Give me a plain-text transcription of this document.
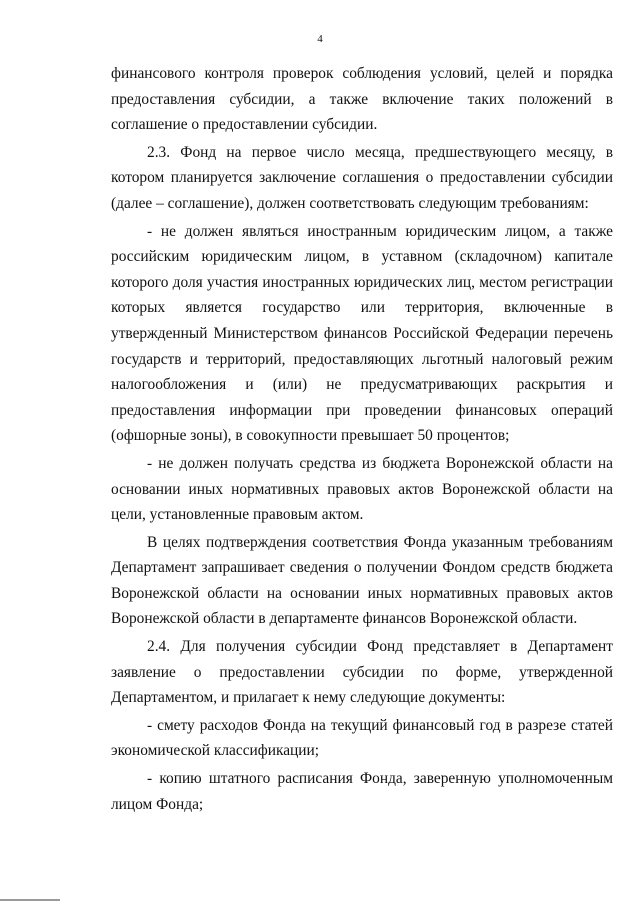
4

финансового контроля проверок соблюдения условий, целей и порядка предоставления субсидии, а также включение таких положений в соглашение о предоставлении субсидии.

2.3. Фонд на первое число месяца, предшествующего месяцу, в котором планируется заключение соглашения о предоставлении субсидии (далее – соглашение), должен соответствовать следующим требованиям:

- не должен являться иностранным юридическим лицом, а также российским юридическим лицом, в уставном (складочном) капитале которого доля участия иностранных юридических лиц, местом регистрации которых является государство или территория, включенные в утвержденный Министерством финансов Российской Федерации перечень государств и территорий, предоставляющих льготный налоговый режим налогообложения и (или) не предусматривающих раскрытия и предоставления информации при проведении финансовых операций (офшорные зоны), в совокупности превышает 50 процентов;

- не должен получать средства из бюджета Воронежской области на основании иных нормативных правовых актов Воронежской области на цели, установленные правовым актом.

В целях подтверждения соответствия Фонда указанным требованиям Департамент запрашивает сведения о получении Фондом средств бюджета Воронежской области на основании иных нормативных правовых актов Воронежской области в департаменте финансов Воронежской области.

2.4. Для получения субсидии Фонд представляет в Департамент заявление о предоставлении субсидии по форме, утвержденной Департаментом, и прилагает к нему следующие документы:

- смету расходов Фонда на текущий финансовый год в разрезе статей экономической классификации;

- копию штатного расписания Фонда, заверенную уполномоченным лицом Фонда;
